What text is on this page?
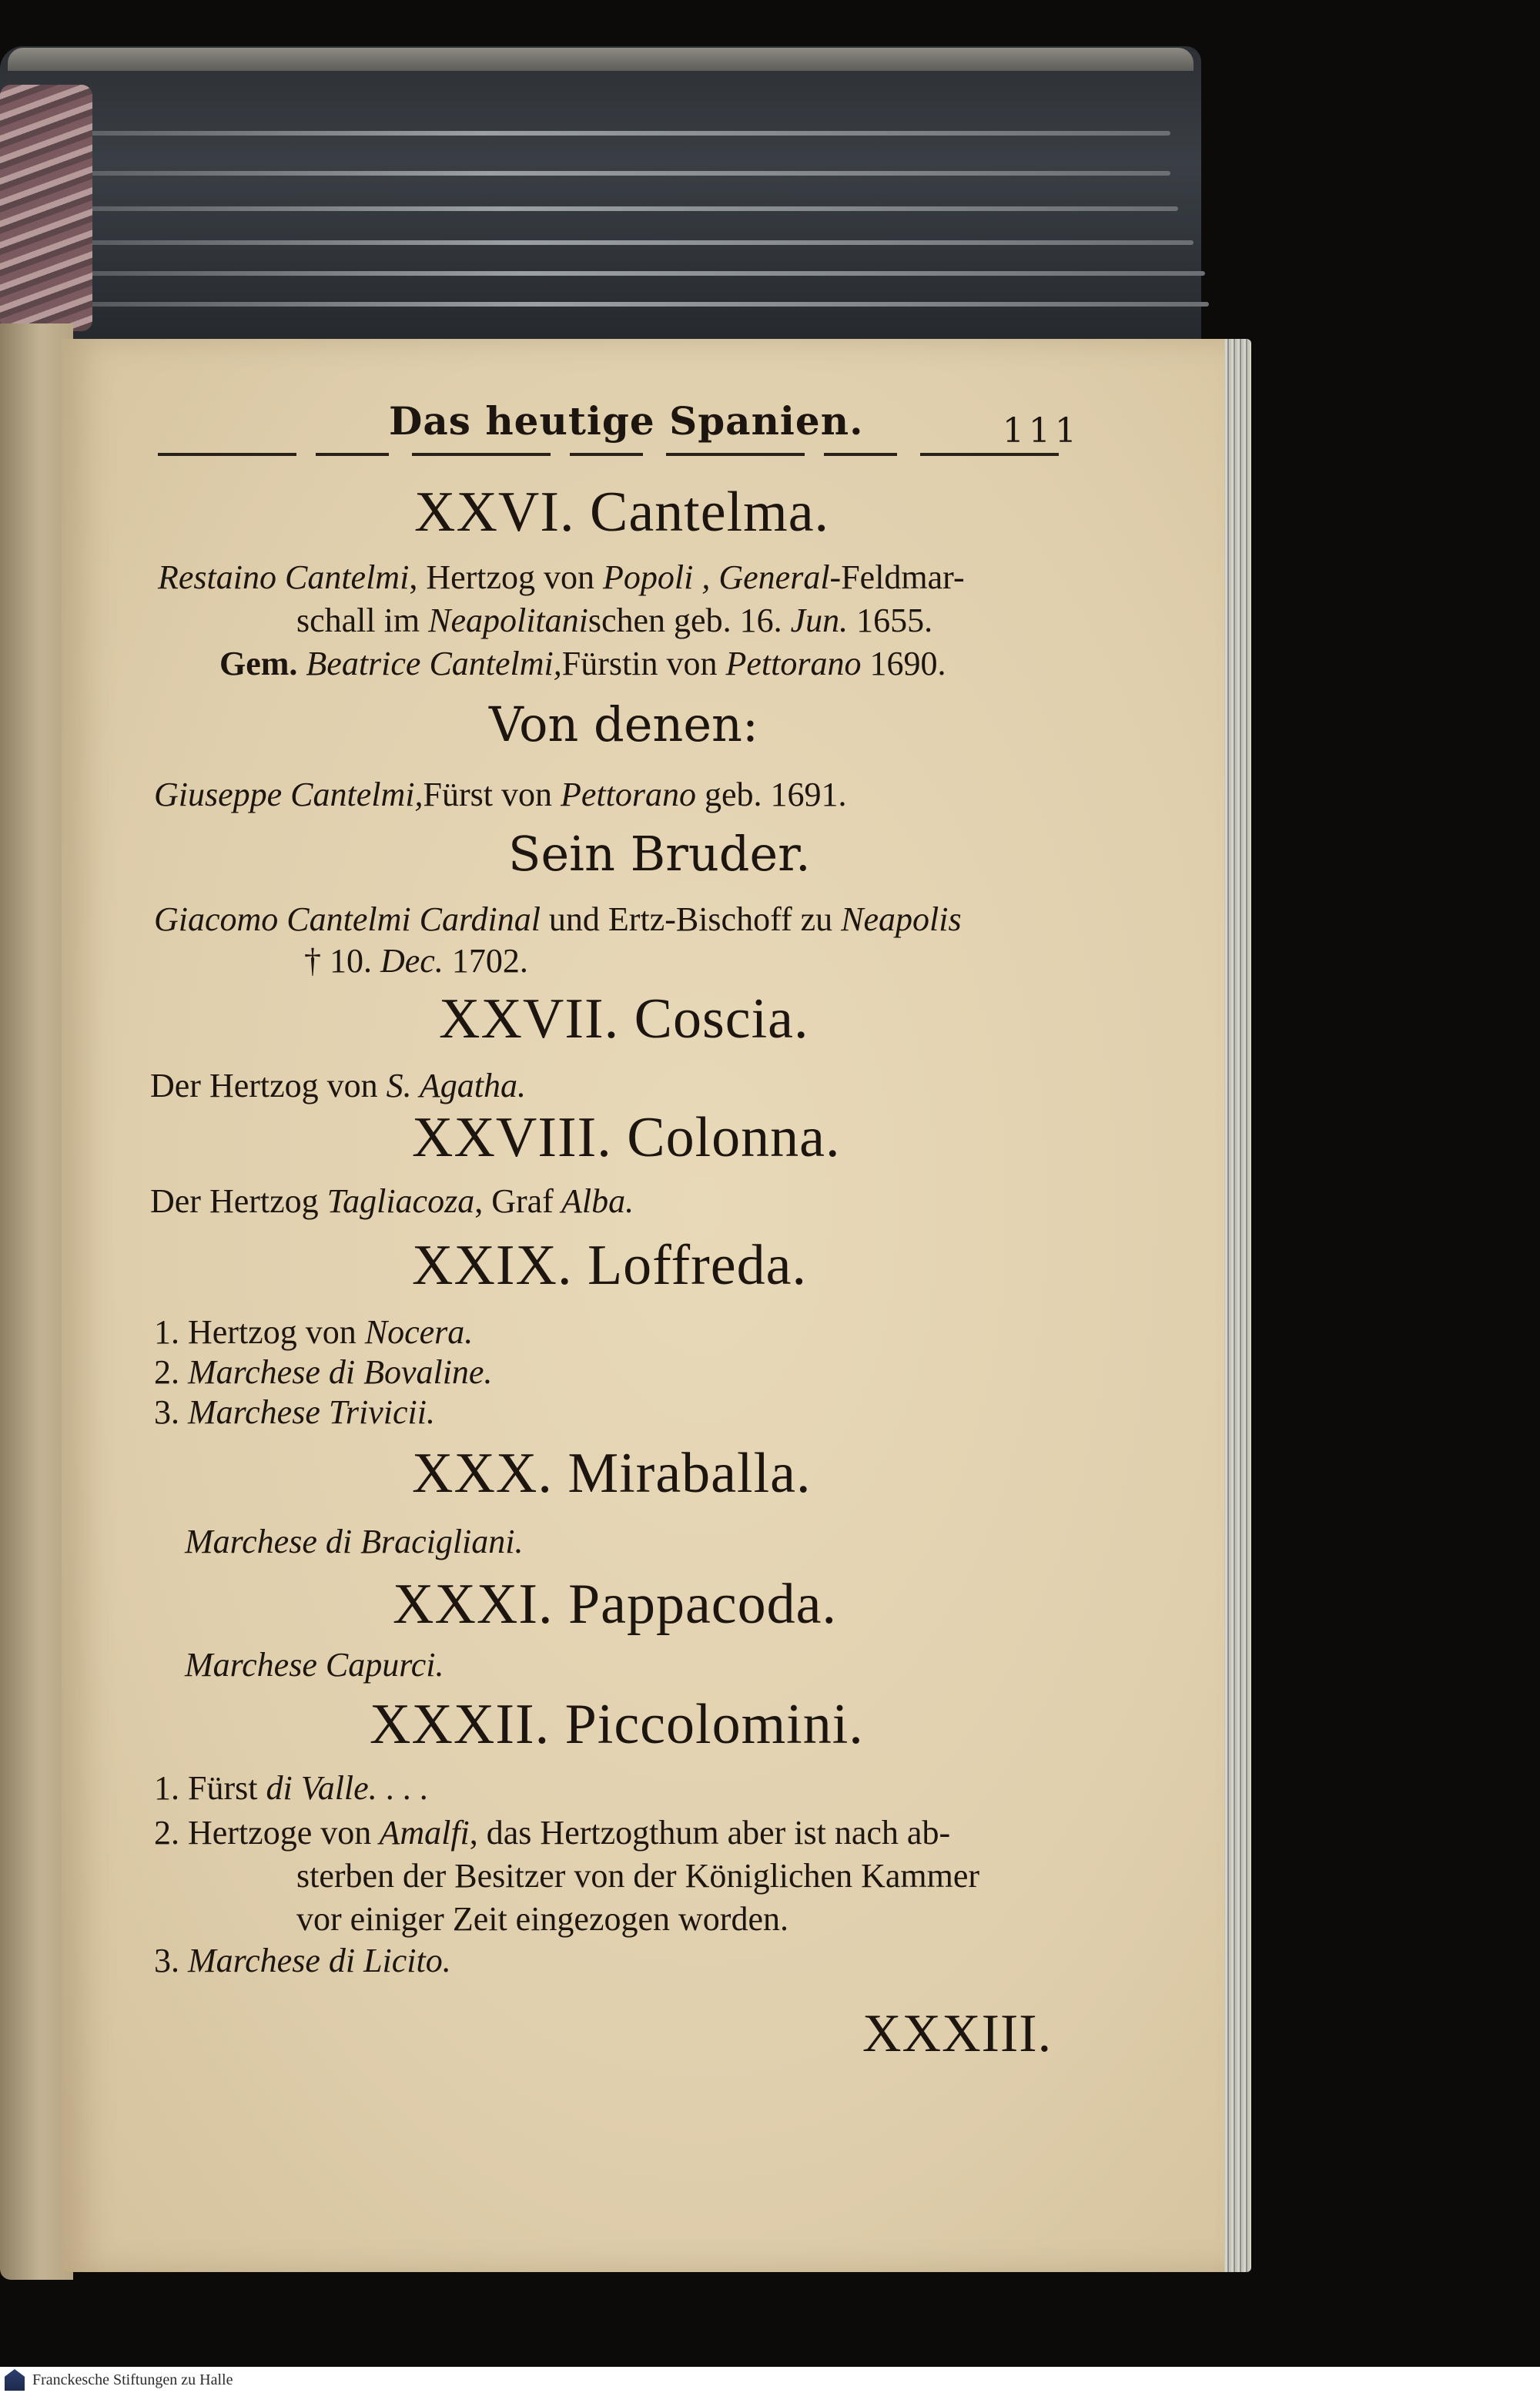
Das heutige Spanien.	111
XXVI. Cantelma.
Restaino Cantelmi, Hertzog von Popoli , General-Feldmar-
schall im Neapolitanischen geb. 16. Jun. 1655.
Gem. Beatrice Cantelmi,Fürstin von Pettorano 1690.
Von denen:
Giuseppe Cantelmi,Fürst von Pettorano geb. 1691.
Sein Bruder.
Giacomo Cantelmi Cardinal und Ertz-Bischoff zu Neapolis
† 10. Dec. 1702.
XXVII. Coscia.
Der Hertzog von S. Agatha.
XXVIII. Colonna.
Der Hertzog Tagliacoza, Graf Alba.
XXIX. Loffreda.
1. Hertzog von Nocera.
2. Marchese di Bovaline.
3. Marchese Trivicii.
XXX. Miraballa.
Marchese di Bracigliani.
XXXI. Pappacoda.
Marchese Capurci.
XXXII. Piccolomini.
1. Fürst di Valle. . . .
2. Hertzoge von Amalfi, das Hertzogthum aber ist nach ab-
sterben der Besitzer von der Königlichen Kammer
vor einiger Zeit eingezogen worden.
3. Marchese di Licito.
XXXIII.
Franckesche Stiftungen zu Halle
